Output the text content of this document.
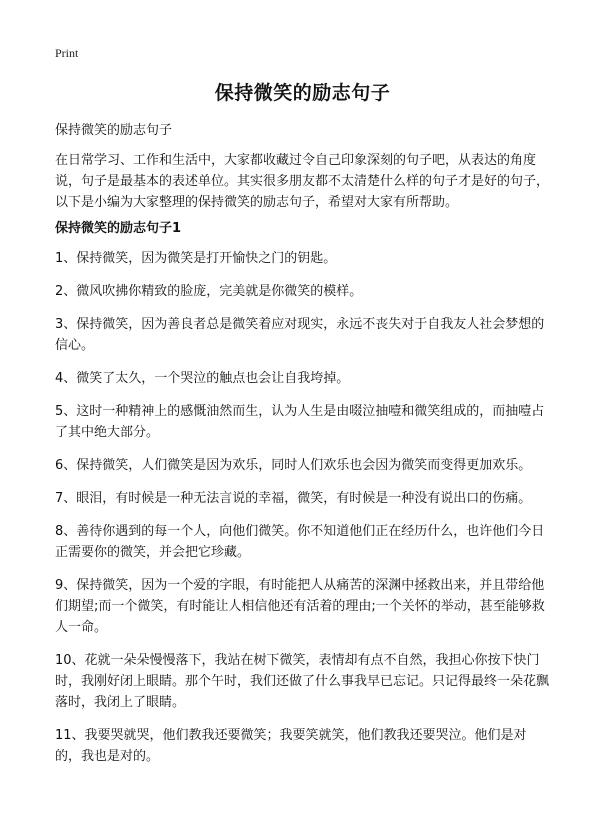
Print
保持微笑的励志句子

保持微笑的励志句子

在日常学习、工作和生活中，大家都收藏过令自己印象深刻的句子吧，从表达的角度说，句子是最基本的表述单位。其实很多朋友都不太清楚什么样的句子才是好的句子，以下是小编为大家整理的保持微笑的励志句子，希望对大家有所帮助。

保持微笑的励志句子1
1、保持微笑，因为微笑是打开愉快之门的钥匙。
2、微风吹拂你精致的脸庞，完美就是你微笑的模样。
3、保持微笑，因为善良者总是微笑着应对现实，永远不丧失对于自我友人社会梦想的信心。
4、微笑了太久，一个哭泣的触点也会让自我垮掉。
5、这时一种精神上的感慨油然而生，认为人生是由啜泣抽噎和微笑组成的，而抽噎占了其中绝大部分。
6、保持微笑，人们微笑是因为欢乐，同时人们欢乐也会因为微笑而变得更加欢乐。
7、眼泪，有时候是一种无法言说的幸福，微笑，有时候是一种没有说出口的伤痛。
8、善待你遇到的每一个人，向他们微笑。你不知道他们正在经历什么，也许他们今日正需要你的微笑，并会把它珍藏。
9、保持微笑，因为一个爱的字眼，有时能把人从痛苦的深渊中拯救出来，并且带给他们期望;而一个微笑，有时能让人相信他还有活着的理由;一个关怀的举动，甚至能够救人一命。
10、花就一朵朵慢慢落下，我站在树下微笑，表情却有点不自然，我担心你按下快门时，我刚好闭上眼睛。那个午时，我们还做了什么事我早已忘记。只记得最终一朵花飘落时，我闭上了眼睛。
11、我要哭就哭，他们教我还要微笑；我要笑就笑，他们教我还要哭泣。他们是对的，我也是对的。
